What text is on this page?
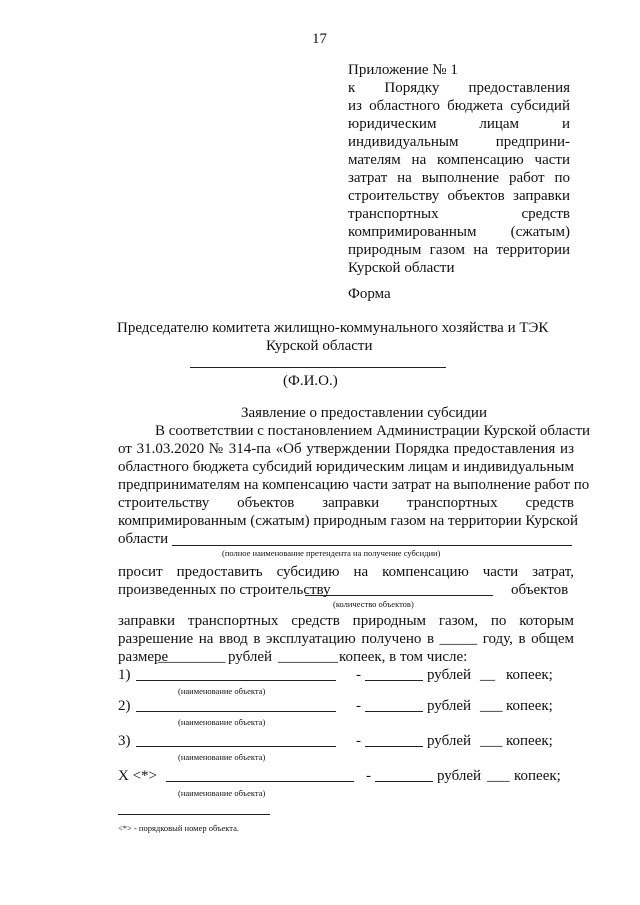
17
Приложение № 1
к Порядку предоставления
из областного бюджета субсидий
юридическим лицам и
индивидуальным предприни-
мателям на компенсацию части
затрат на выполнение работ по
строительству объектов заправки
транспортных средств
компримированным (сжатым)
природным газом на территории
Курской области
Форма
Председателю комитета жилищно-коммунального хозяйства и ТЭК
Курской области
(Ф.И.О.)
Заявление о предоставлении субсидии
В соответствии с постановлением Администрации Курской области
от 31.03.2020 № 314-па «Об утверждении Порядка предоставления из
областного бюджета субсидий юридическим лицам и индивидуальным
предпринимателям на компенсацию части затрат на выполнение работ по
строительству объектов заправки транспортных средств
компримированным (сжатым) природным газом на территории Курской
области
(полное наименование претендента на получение субсидии)
просит предоставить субсидию на компенсацию части затрат,
произведенных по строительству	объектов
(количество объектов)
заправки транспортных средств природным газом, по которым
разрешение на ввод в эксплуатацию получено в _____ году, в общем
размере
_________ рублей ________ копеек, в том числе:
1)	-	рублей __ копеек;
(наименование объекта)
2)	-	рублей ___ копеек;
(наименование объекта)
3)	-	рублей ___ копеек;
(наименование объекта)
X <*>	-	рублей ___ копеек;
(наименование объекта)
<*> - порядковый номер объекта.
